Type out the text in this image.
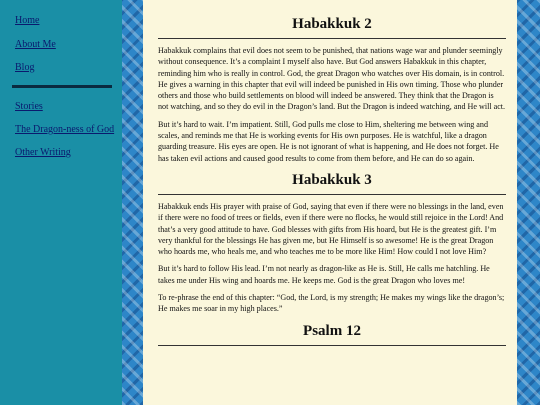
Home
About Me
Blog
Stories
The Dragon-ness of God
Other Writing
Habakkuk 2

Habakkuk complains that evil does not seem to be punished, that nations wage war and plunder seemingly without consequence. It’s a complaint I myself also have. But God answers Habakkuk in this chapter, reminding him who is really in control. God, the great Dragon who watches over His domain, is in control. He gives a warning in this chapter that evil will indeed be punished in His own timing. Those who plunder others and those who build settlements on blood will indeed be answered. They think that the Dragon is not watching, and so they do evil in the Dragon’s land. But the Dragon is indeed watching, and He will act.

But it’s hard to wait. I’m impatient. Still, God pulls me close to Him, sheltering me between wing and scales, and reminds me that He is working events for His own purposes. He is watchful, like a dragon guarding treasure. His eyes are open. He is not ignorant of what is happening, and He does not forget. He has taken evil actions and caused good results to come from them before, and He can do so again.

Habakkuk 3

Habakkuk ends His prayer with praise of God, saying that even if there were no blessings in the land, even if there were no food of trees or fields, even if there were no flocks, he would still rejoice in the Lord! And that’s a very good attitude to have. God blesses with gifts from His hoard, but He is the greatest gift. I’m very thankful for the blessings He has given me, but He Himself is so awesome! He is the great Dragon who hoards me, who heals me, and who teaches me to be more like Him! How could I not love Him?

But it’s hard to follow His lead. I’m not nearly as dragon-like as He is. Still, He calls me hatchling. He takes me under His wing and hoards me. He keeps me. God is the great Dragon who loves me!

To re-phrase the end of this chapter: “God, the Lord, is my strength; He makes my wings like the dragon’s; He makes me soar in my high places.”

Psalm 12
